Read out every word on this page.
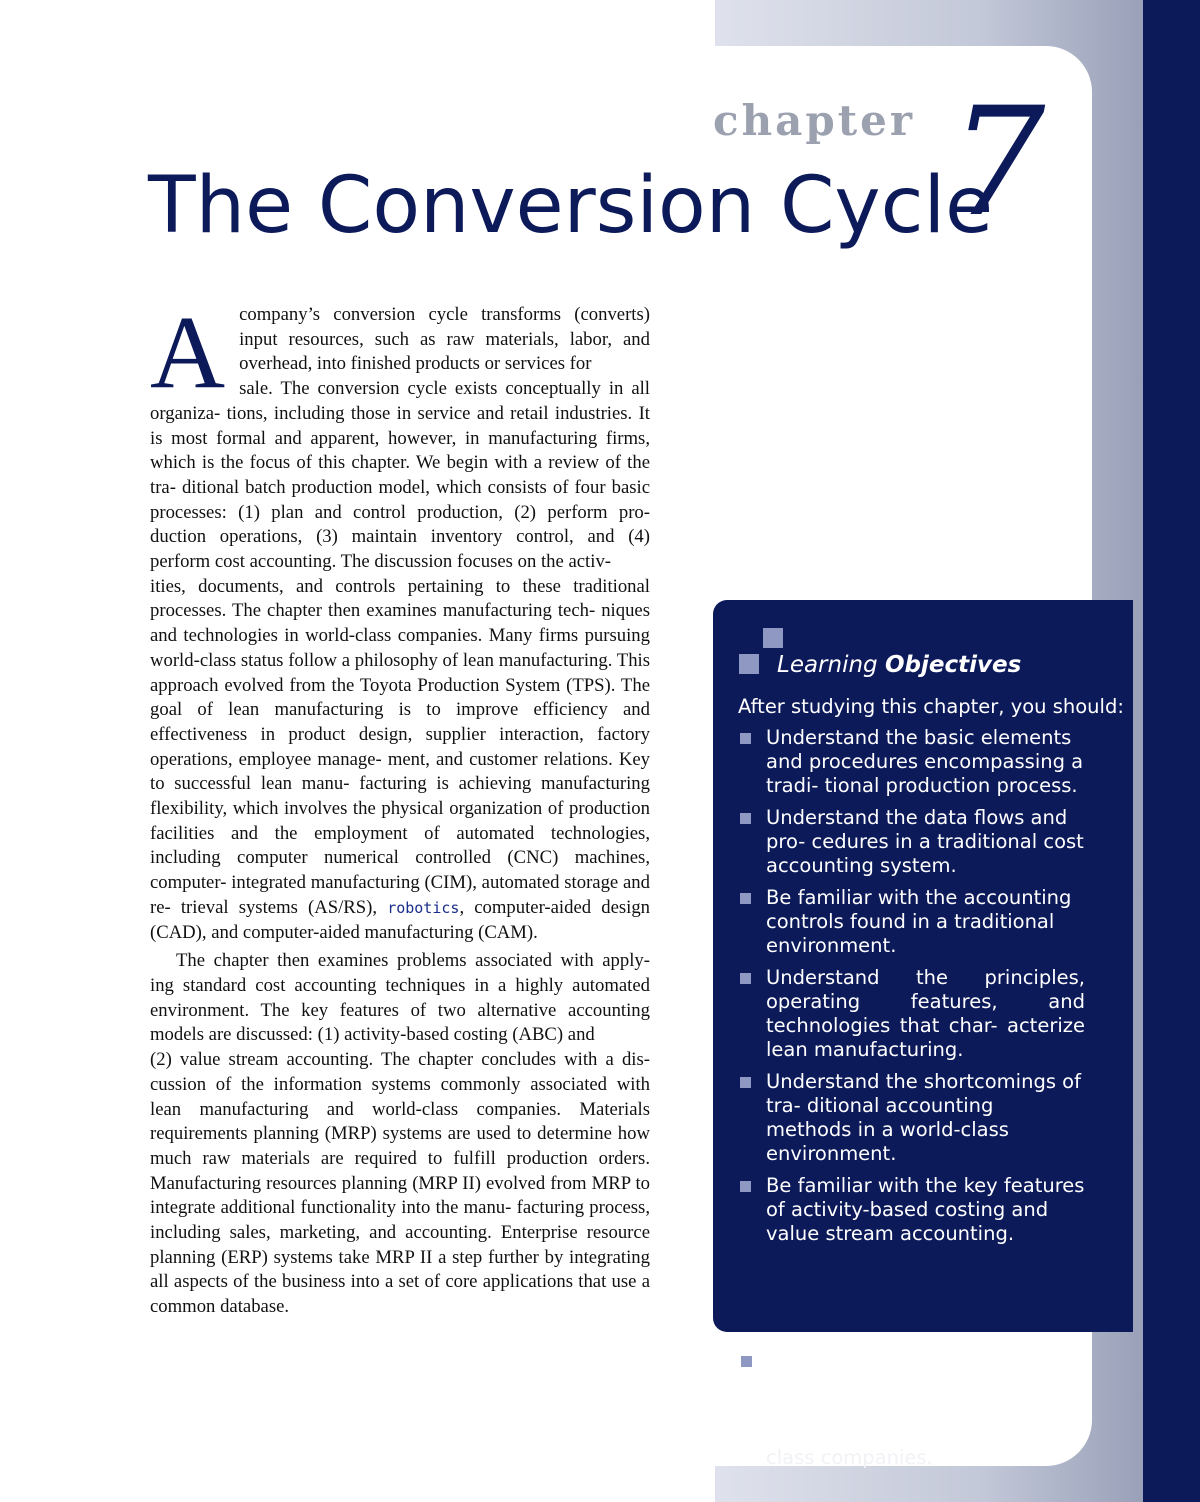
chapter 7
The Conversion Cycle

Acompany’s conversion cycle transforms (converts) input resources, such as raw materials, labor, and overhead, into finished products or services for

sale. The conversion cycle exists conceptually in all organiza- tions, including those in service and retail industries. It is most formal and apparent, however, in manufacturing firms, which is the focus of this chapter. We begin with a review of the tra- ditional batch production model, which consists of four basic processes: (1) plan and control production, (2) perform pro- duction operations, (3) maintain inventory control, and (4) perform cost accounting. The discussion focuses on the activ-

ities, documents, and controls pertaining to these traditional processes. The chapter then examines manufacturing tech- niques and technologies in world-class companies. Many firms pursuing world-class status follow a philosophy of lean manufacturing. This approach evolved from the Toyota Production System (TPS). The goal of lean manufacturing is to improve efficiency and effectiveness in product design, supplier interaction, factory operations, employee manage- ment, and customer relations. Key to successful lean manu- facturing is achieving manufacturing flexibility, which involves the physical organization of production facilities and the employment of automated technologies, including computer numerical controlled (CNC) machines, computer- integrated manufacturing (CIM), automated storage and re- trieval systems (AS/RS), robotics, computer-aided design (CAD), and computer-aided manufacturing (CAM).

The chapter then examines problems associated with apply- ing standard cost accounting techniques in a highly automated environment. The key features of two alternative accounting models are discussed: (1) activity-based costing (ABC) and

(2) value stream accounting. The chapter concludes with a dis- cussion of the information systems commonly associated with lean manufacturing and world-class companies. Materials requirements planning (MRP) systems are used to determine how much raw materials are required to fulfill production orders. Manufacturing resources planning (MRP II) evolved from MRP to integrate additional functionality into the manu- facturing process, including sales, marketing, and accounting. Enterprise resource planning (ERP) systems take MRP II a step further by integrating all aspects of the business into a set of core applications that use a common database.

Learning Objectives
After studying this chapter, you should:
Understand the basic elements and procedures encompassing a tradi- tional production process.
Understand the data flows and pro- cedures in a traditional cost accounting system.
Be familiar with the accounting controls found in a traditional environment.
Understand the principles, operating features, and technologies that char- acterize
lean manufacturing.
Understand the shortcomings of tra- ditional accounting methods in a world-class environment.
Be familiar with the key features of activity-based costing and value stream accounting.
class companies.
